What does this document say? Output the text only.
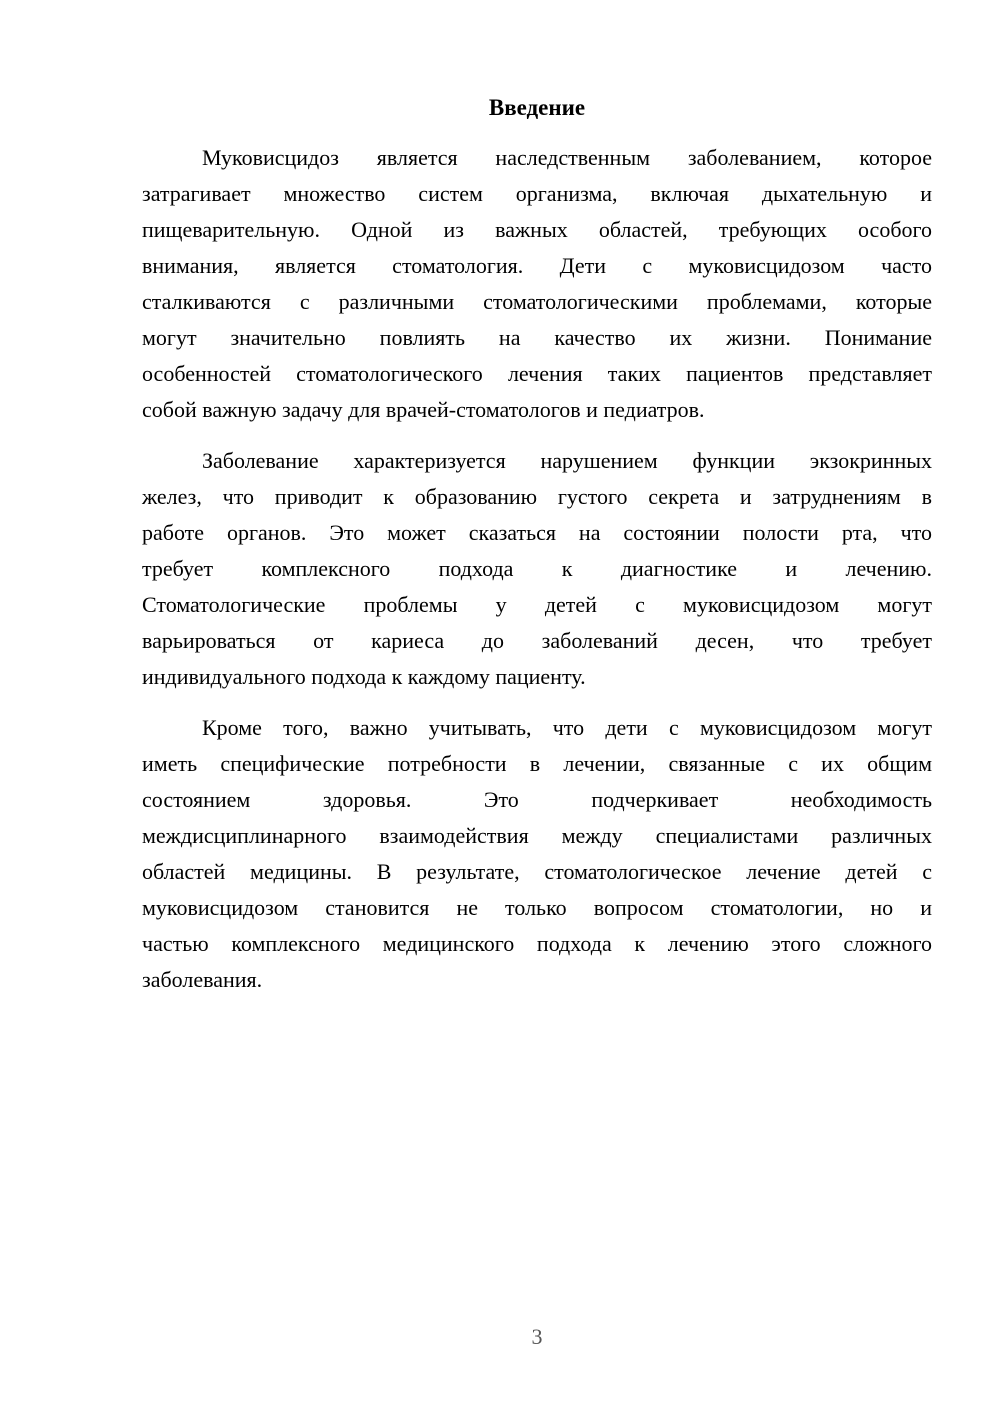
Введение
Муковисцидоз является наследственным заболеванием, которое
затрагивает множество систем организма, включая дыхательную и
пищеварительную. Одной из важных областей, требующих особого
внимания, является стоматология. Дети с муковисцидозом часто
сталкиваются с различными стоматологическими проблемами, которые
могут значительно повлиять на качество их жизни. Понимание
особенностей стоматологического лечения таких пациентов представляет
собой важную задачу для врачей-стоматологов и педиатров.
Заболевание характеризуется нарушением функции экзокринных
желез, что приводит к образованию густого секрета и затруднениям в
работе органов. Это может сказаться на состоянии полости рта, что
требует комплексного подхода к диагностике и лечению.
Стоматологические проблемы у детей с муковисцидозом могут
варьироваться от кариеса до заболеваний десен, что требует
индивидуального подхода к каждому пациенту.
Кроме того, важно учитывать, что дети с муковисцидозом могут
иметь специфические потребности в лечении, связанные с их общим
состоянием здоровья. Это подчеркивает необходимость
междисциплинарного взаимодействия между специалистами различных
областей медицины. В результате, стоматологическое лечение детей с
муковисцидозом становится не только вопросом стоматологии, но и
частью комплексного медицинского подхода к лечению этого сложного
заболевания.
3
